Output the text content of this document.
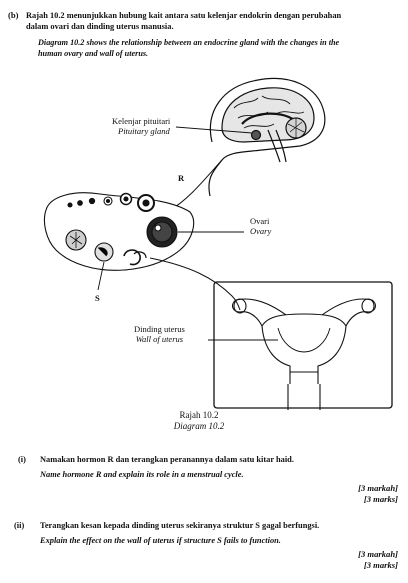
(b) Rajah 10.2 menunjukkan hubung kait antara satu kelenjar endokrin dengan perubahan
dalam ovari dan dinding uterus manusia.
Diagram 10.2 shows the relationship between an endocrine gland with the changes in the
human ovary and wall of uterus.
Kelenjar pituitari
Pituitary gland
R
Ovari
Ovary
S
Dinding uterus
Wall of uterus
Rajah 10.2
Diagram 10.2
(i) Namakan hormon R dan terangkan peranannya dalam satu kitar haid.
Name hormone R and explain its role in a menstrual cycle.
[3 markah]
[3 marks]
(ii) Terangkan kesan kepada dinding uterus sekiranya struktur S gagal berfungsi.
Explain the effect on the wall of uterus if structure S fails to function.
[3 markah]
[3 marks]
